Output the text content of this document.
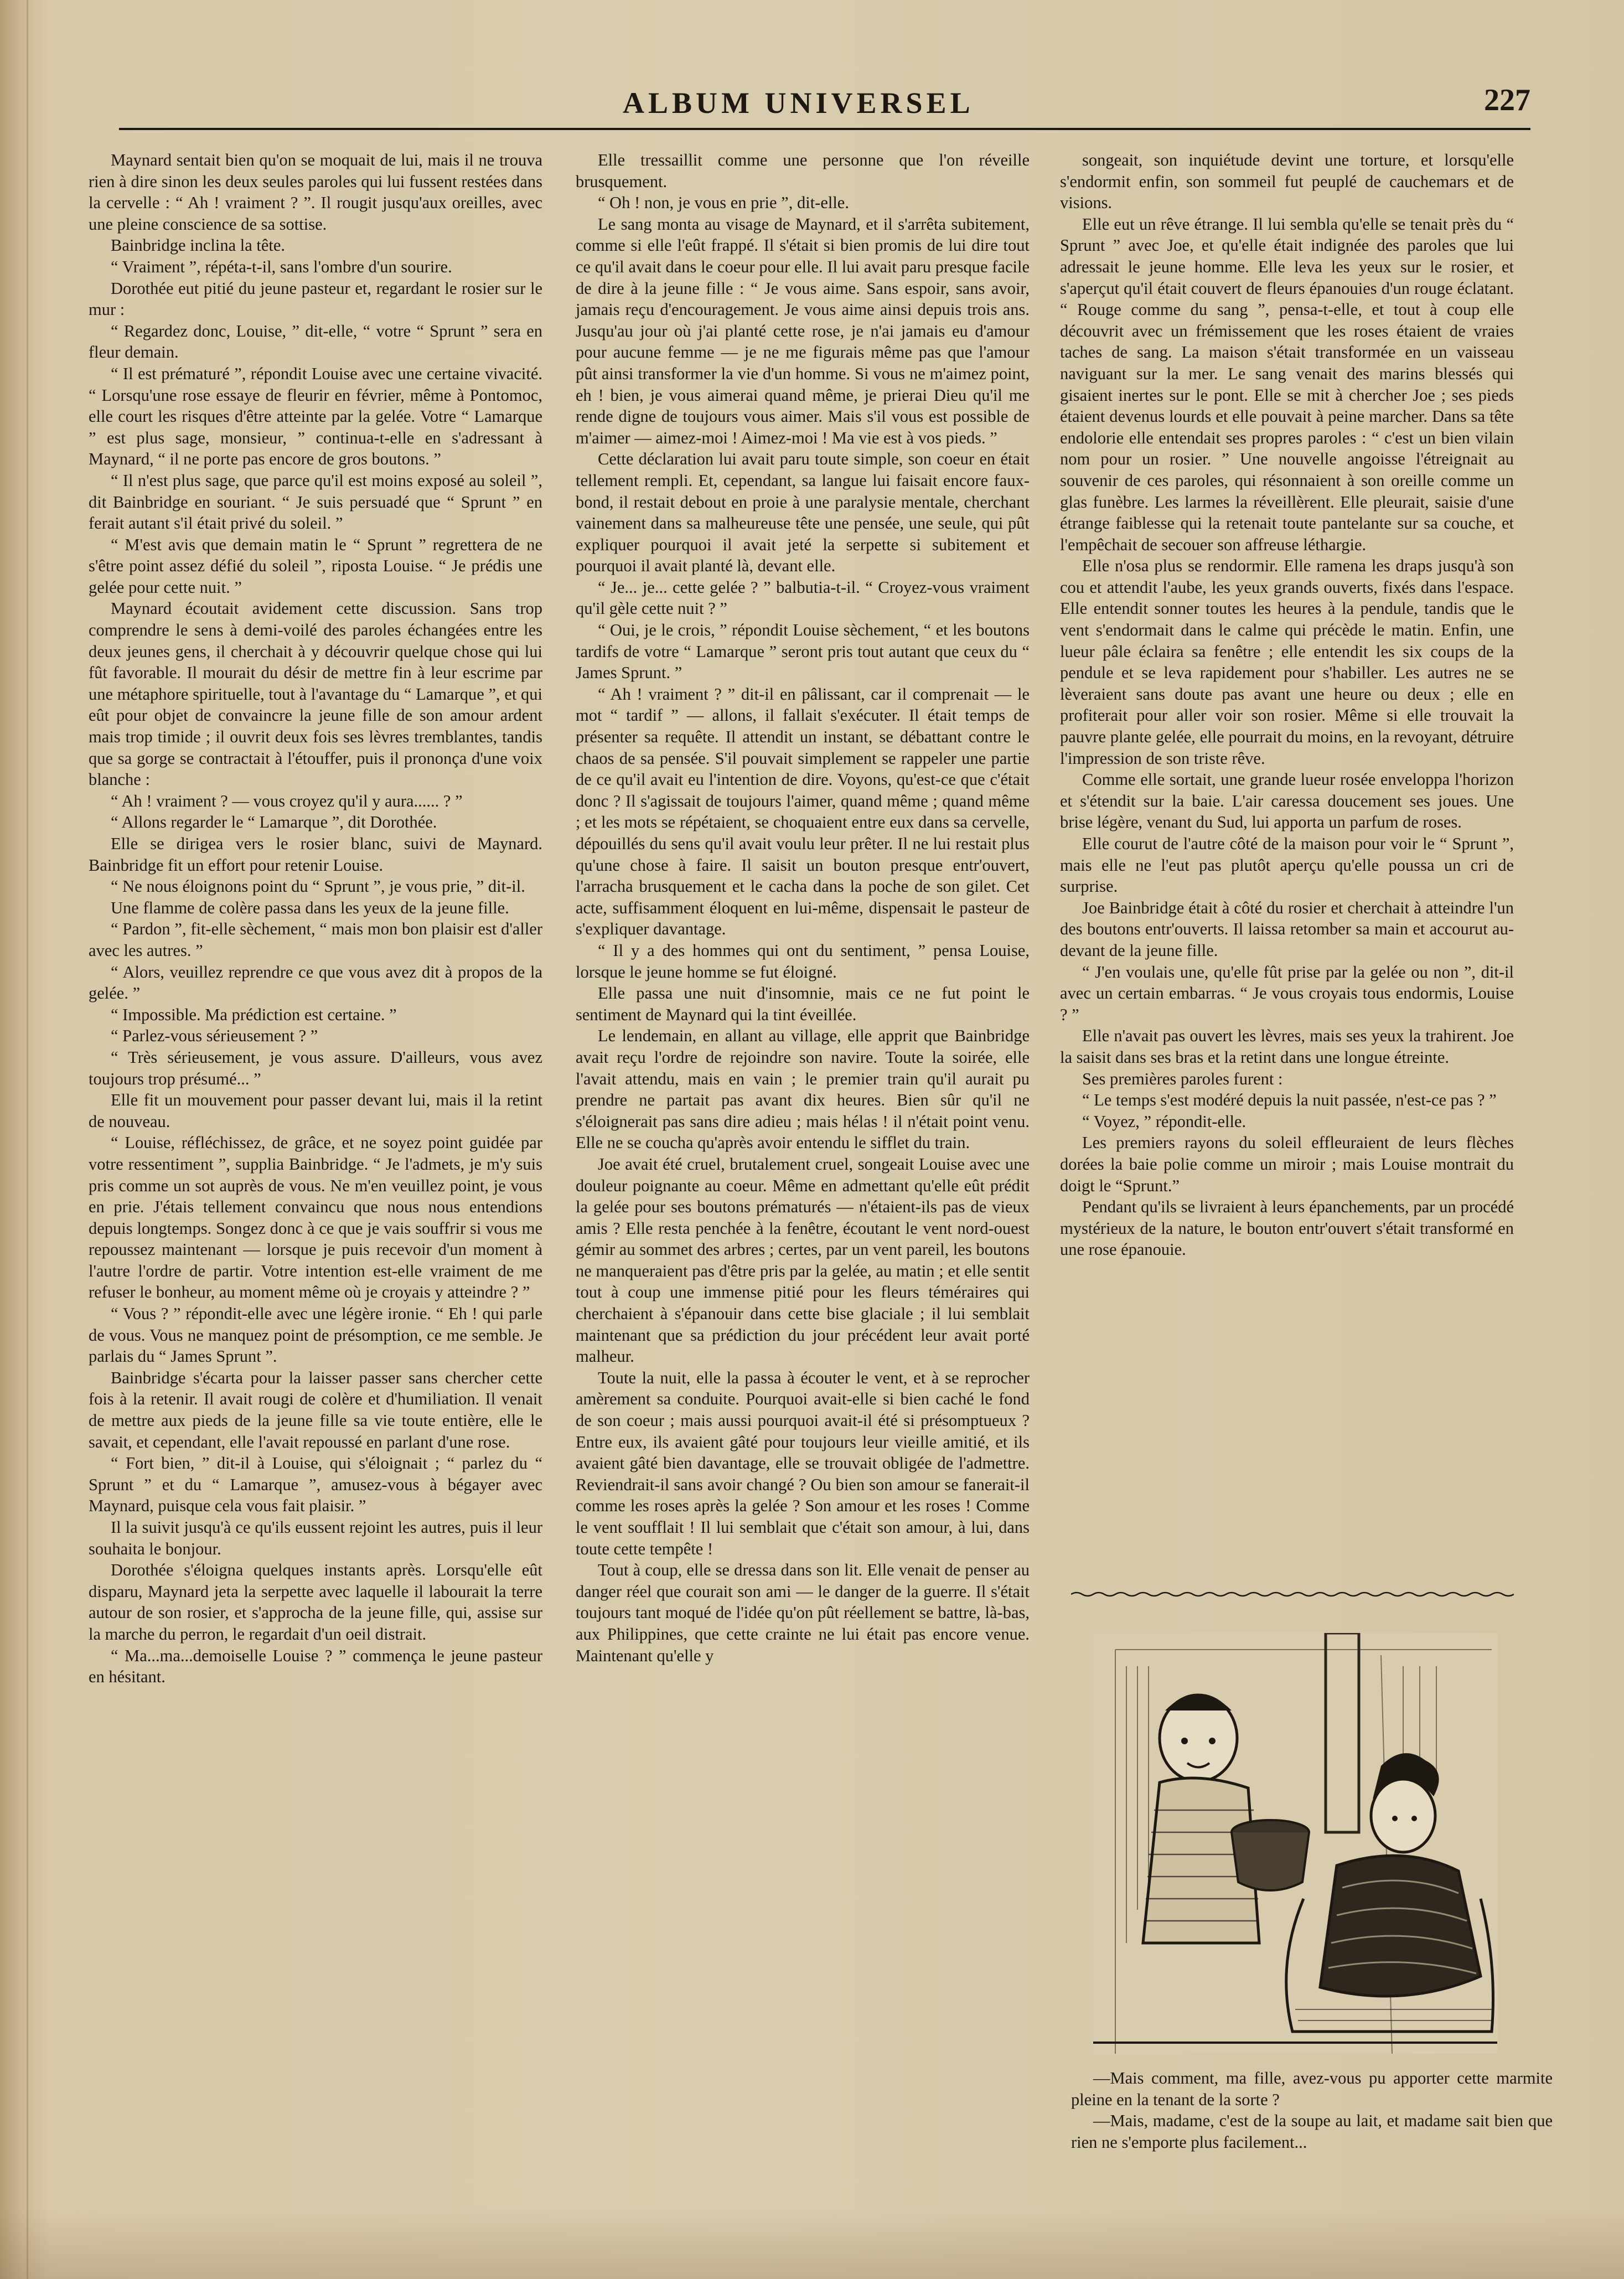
ALBUM UNIVERSEL	227

Maynard sentait bien qu'on se moquait de lui, mais il ne trouva rien à dire sinon les deux seules paroles qui lui fussent restées dans la cervelle : “ Ah ! vraiment ? ”. Il rougit jusqu'aux oreilles, avec une pleine conscience de sa sottise.

Bainbridge inclina la tête.

“ Vraiment ”, répéta-t-il, sans l'ombre d'un sourire.

Dorothée eut pitié du jeune pasteur et, regardant le rosier sur le mur :

“ Regardez donc, Louise, ” dit-elle, “ votre “ Sprunt ” sera en fleur demain.

“ Il est prématuré ”, répondit Louise avec une certaine vivacité. “ Lorsqu'une rose essaye de fleurir en février, même à Pontomoc, elle court les risques d'être atteinte par la gelée. Votre “ Lamarque ” est plus sage, monsieur, ” continua-t-elle en s'adressant à Maynard, “ il ne porte pas encore de gros boutons. ”

“ Il n'est plus sage, que parce qu'il est moins exposé au soleil ”, dit Bainbridge en souriant. “ Je suis persuadé que “ Sprunt ” en ferait autant s'il était privé du soleil. ”

“ M'est avis que demain matin le “ Sprunt ” regrettera de ne s'être point assez défié du soleil ”, riposta Louise. “ Je prédis une gelée pour cette nuit. ”

Maynard écoutait avidement cette discussion. Sans trop comprendre le sens à demi-voilé des paroles échangées entre les deux jeunes gens, il cherchait à y découvrir quelque chose qui lui fût favorable. Il mourait du désir de mettre fin à leur escrime par une métaphore spirituelle, tout à l'avantage du “ Lamarque ”, et qui eût pour objet de convaincre la jeune fille de son amour ardent mais trop timide ; il ouvrit deux fois ses lèvres tremblantes, tandis que sa gorge se contractait à l'étouffer, puis il prononça d'une voix blanche :

“ Ah ! vraiment ? — vous croyez qu'il y aura...... ? ”

“ Allons regarder le “ Lamarque ”, dit Dorothée.

Elle se dirigea vers le rosier blanc, suivi de Maynard. Bainbridge fit un effort pour retenir Louise.

“ Ne nous éloignons point du “ Sprunt ”, je vous prie, ” dit-il.

Une flamme de colère passa dans les yeux de la jeune fille.

“ Pardon ”, fit-elle sèchement, “ mais mon bon plaisir est d'aller avec les autres. ”

“ Alors, veuillez reprendre ce que vous avez dit à propos de la gelée. ”

“ Impossible. Ma prédiction est certaine. ”

“ Parlez-vous sérieusement ? ”

“ Très sérieusement, je vous assure. D'ailleurs, vous avez toujours trop présumé... ”

Elle fit un mouvement pour passer devant lui, mais il la retint de nouveau.

“ Louise, réfléchissez, de grâce, et ne soyez point guidée par votre ressentiment ”, supplia Bainbridge. “ Je l'admets, je m'y suis pris comme un sot auprès de vous. Ne m'en veuillez point, je vous en prie. J'étais tellement convaincu que nous nous entendions depuis longtemps. Songez donc à ce que je vais souffrir si vous me repoussez maintenant — lorsque je puis recevoir d'un moment à l'autre l'ordre de partir. Votre intention est-elle vraiment de me refuser le bonheur, au moment même où je croyais y atteindre ? ”

“ Vous ? ” répondit-elle avec une légère ironie. “ Eh ! qui parle de vous. Vous ne manquez point de présomption, ce me semble. Je parlais du “ James Sprunt ”.

Bainbridge s'écarta pour la laisser passer sans chercher cette fois à la retenir. Il avait rougi de colère et d'humiliation. Il venait de mettre aux pieds de la jeune fille sa vie toute entière, elle le savait, et cependant, elle l'avait repoussé en parlant d'une rose.

“ Fort bien, ” dit-il à Louise, qui s'éloignait ; “ parlez du “ Sprunt ” et du “ Lamarque ”, amusez-vous à bégayer avec Maynard, puisque cela vous fait plaisir. ”

Il la suivit jusqu'à ce qu'ils eussent rejoint les autres, puis il leur souhaita le bonjour.

Dorothée s'éloigna quelques instants après. Lorsqu'elle eût disparu, Maynard jeta la serpette avec laquelle il labourait la terre autour de son rosier, et s'approcha de la jeune fille, qui, assise sur la marche du perron, le regardait d'un oeil distrait.

“ Ma...ma...demoiselle Louise ? ” commença le jeune pasteur en hésitant.

Elle tressaillit comme une personne que l'on réveille brusquement.

“ Oh ! non, je vous en prie ”, dit-elle.

Le sang monta au visage de Maynard, et il s'arrêta subitement, comme si elle l'eût frappé. Il s'était si bien promis de lui dire tout ce qu'il avait dans le coeur pour elle. Il lui avait paru presque facile de dire à la jeune fille : “ Je vous aime. Sans espoir, sans avoir, jamais reçu d'encouragement. Je vous aime ainsi depuis trois ans. Jusqu'au jour où j'ai planté cette rose, je n'ai jamais eu d'amour pour aucune femme — je ne me figurais même pas que l'amour pût ainsi transformer la vie d'un homme. Si vous ne m'aimez point, eh ! bien, je vous aimerai quand même, je prierai Dieu qu'il me rende digne de toujours vous aimer. Mais s'il vous est possible de m'aimer — aimez-moi ! Aimez-moi ! Ma vie est à vos pieds. ”

Cette déclaration lui avait paru toute simple, son coeur en était tellement rempli. Et, cependant, sa langue lui faisait encore faux-bond, il restait debout en proie à une paralysie mentale, cherchant vainement dans sa malheureuse tête une pensée, une seule, qui pût expliquer pourquoi il avait jeté la serpette si subitement et pourquoi il avait planté là, devant elle.

“ Je... je... cette gelée ? ” balbutia-t-il. “ Croyez-vous vraiment qu'il gèle cette nuit ? ”

“ Oui, je le crois, ” répondit Louise sèchement, “ et les boutons tardifs de votre “ Lamarque ” seront pris tout autant que ceux du “ James Sprunt. ”

“ Ah ! vraiment ? ” dit-il en pâlissant, car il comprenait — le mot “ tardif ” — allons, il fallait s'exécuter. Il était temps de présenter sa requête. Il attendit un instant, se débattant contre le chaos de sa pensée. S'il pouvait simplement se rappeler une partie de ce qu'il avait eu l'intention de dire. Voyons, qu'est-ce que c'était donc ? Il s'agissait de toujours l'aimer, quand même ; quand même ; et les mots se répétaient, se choquaient entre eux dans sa cervelle, dépouillés du sens qu'il avait voulu leur prêter. Il ne lui restait plus qu'une chose à faire. Il saisit un bouton presque entr'ouvert, l'arracha brusquement et le cacha dans la poche de son gilet. Cet acte, suffisamment éloquent en lui-même, dispensait le pasteur de s'expliquer davantage.

“ Il y a des hommes qui ont du sentiment, ” pensa Louise, lorsque le jeune homme se fut éloigné.

Elle passa une nuit d'insomnie, mais ce ne fut point le sentiment de Maynard qui la tint éveillée.

Le lendemain, en allant au village, elle apprit que Bainbridge avait reçu l'ordre de rejoindre son navire. Toute la soirée, elle l'avait attendu, mais en vain ; le premier train qu'il aurait pu prendre ne partait pas avant dix heures. Bien sûr qu'il ne s'éloignerait pas sans dire adieu ; mais hélas ! il n'était point venu. Elle ne se coucha qu'après avoir entendu le sifflet du train.

Joe avait été cruel, brutalement cruel, songeait Louise avec une douleur poignante au coeur. Même en admettant qu'elle eût prédit la gelée pour ses boutons prématurés — n'étaient-ils pas de vieux amis ? Elle resta penchée à la fenêtre, écoutant le vent nord-ouest gémir au sommet des arbres ; certes, par un vent pareil, les boutons ne manqueraient pas d'être pris par la gelée, au matin ; et elle sentit tout à coup une immense pitié pour les fleurs téméraires qui cherchaient à s'épanouir dans cette bise glaciale ; il lui semblait maintenant que sa prédiction du jour précédent leur avait porté malheur.

Toute la nuit, elle la passa à écouter le vent, et à se reprocher amèrement sa conduite. Pourquoi avait-elle si bien caché le fond de son coeur ; mais aussi pourquoi avait-il été si présomptueux ? Entre eux, ils avaient gâté pour toujours leur vieille amitié, et ils avaient gâté bien davantage, elle se trouvait obligée de l'admettre. Reviendrait-il sans avoir changé ? Ou bien son amour se fanerait-il comme les roses après la gelée ? Son amour et les roses ! Comme le vent soufflait ! Il lui semblait que c'était son amour, à lui, dans toute cette tempête !

Tout à coup, elle se dressa dans son lit. Elle venait de penser au danger réel que courait son ami — le danger de la guerre. Il s'était toujours tant moqué de l'idée qu'on pût réellement se battre, là-bas, aux Philippines, que cette crainte ne lui était pas encore venue. Maintenant qu'elle y

songeait, son inquiétude devint une torture, et lorsqu'elle s'endormit enfin, son sommeil fut peuplé de cauchemars et de visions.

Elle eut un rêve étrange. Il lui sembla qu'elle se tenait près du “ Sprunt ” avec Joe, et qu'elle était indignée des paroles que lui adressait le jeune homme. Elle leva les yeux sur le rosier, et s'aperçut qu'il était couvert de fleurs épanouies d'un rouge éclatant. “ Rouge comme du sang ”, pensa-t-elle, et tout à coup elle découvrit avec un frémissement que les roses étaient de vraies taches de sang. La maison s'était transformée en un vaisseau naviguant sur la mer. Le sang venait des marins blessés qui gisaient inertes sur le pont. Elle se mit à chercher Joe ; ses pieds étaient devenus lourds et elle pouvait à peine marcher. Dans sa tête endolorie elle entendait ses propres paroles : “ c'est un bien vilain nom pour un rosier. ” Une nouvelle angoisse l'étreignait au souvenir de ces paroles, qui résonnaient à son oreille comme un glas funèbre. Les larmes la réveillèrent. Elle pleurait, saisie d'une étrange faiblesse qui la retenait toute pantelante sur sa couche, et l'empêchait de secouer son affreuse léthargie.

Elle n'osa plus se rendormir. Elle ramena les draps jusqu'à son cou et attendit l'aube, les yeux grands ouverts, fixés dans l'espace. Elle entendit sonner toutes les heures à la pendule, tandis que le vent s'endormait dans le calme qui précède le matin. Enfin, une lueur pâle éclaira sa fenêtre ; elle entendit les six coups de la pendule et se leva rapidement pour s'habiller. Les autres ne se lèveraient sans doute pas avant une heure ou deux ; elle en profiterait pour aller voir son rosier. Même si elle trouvait la pauvre plante gelée, elle pourrait du moins, en la revoyant, détruire l'impression de son triste rêve.

Comme elle sortait, une grande lueur rosée enveloppa l'horizon et s'étendit sur la baie. L'air caressa doucement ses joues. Une brise légère, venant du Sud, lui apporta un parfum de roses.

Elle courut de l'autre côté de la maison pour voir le “ Sprunt ”, mais elle ne l'eut pas plutôt aperçu qu'elle poussa un cri de surprise.

Joe Bainbridge était à côté du rosier et cherchait à atteindre l'un des boutons entr'ouverts. Il laissa retomber sa main et accourut au-devant de la jeune fille.

“ J'en voulais une, qu'elle fût prise par la gelée ou non ”, dit-il avec un certain embarras. “ Je vous croyais tous endormis, Louise ? ”

Elle n'avait pas ouvert les lèvres, mais ses yeux la trahirent. Joe la saisit dans ses bras et la retint dans une longue étreinte.

Ses premières paroles furent :

“ Le temps s'est modéré depuis la nuit passée, n'est-ce pas ? ”

“ Voyez, ” répondit-elle.

Les premiers rayons du soleil effleuraient de leurs flèches dorées la baie polie comme un miroir ; mais Louise montrait du doigt le “Sprunt.”

Pendant qu'ils se livraient à leurs épanchements, par un procédé mystérieux de la nature, le bouton entr'ouvert s'était transformé en une rose épanouie.

—Mais comment, ma fille, avez-vous pu apporter cette marmite pleine en la tenant de la sorte ?

—Mais, madame, c'est de la soupe au lait, et madame sait bien que rien ne s'emporte plus facilement...
